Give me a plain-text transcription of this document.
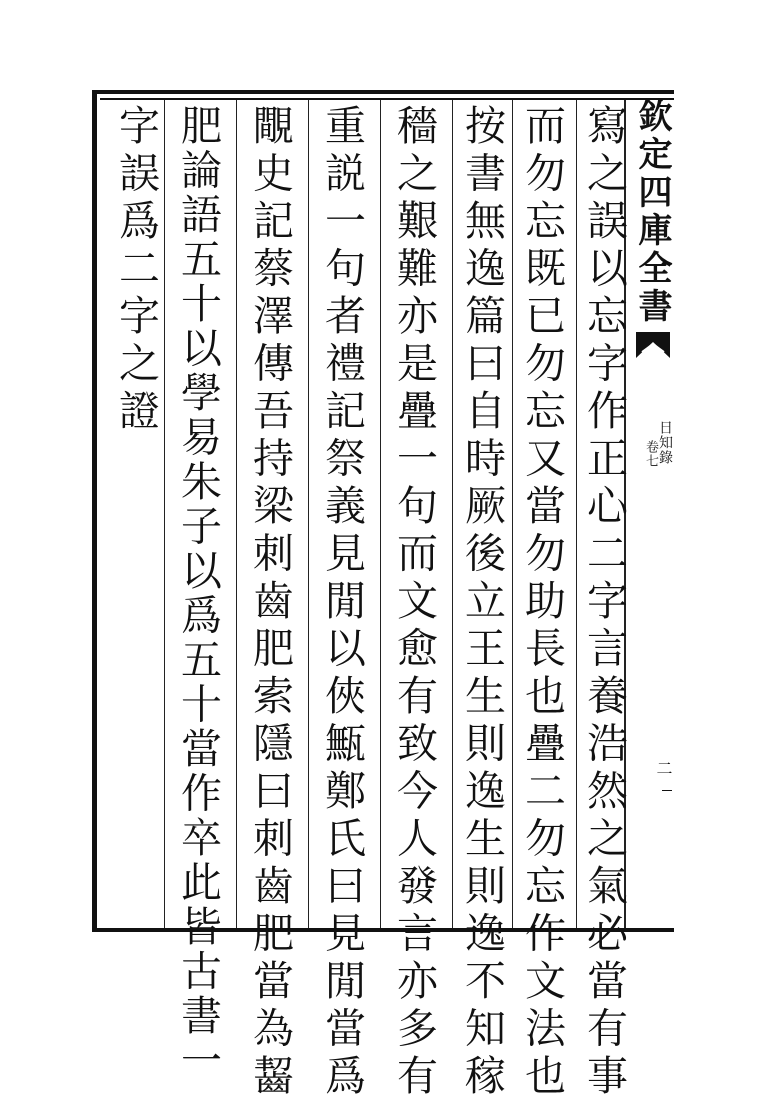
寫之誤以忘字作正心二字言養浩然之氣必當有事
而勿忘既已勿忘又當勿助長也疊二勿忘作文法也
按書無逸篇曰自時厥後立王生則逸生則逸不知稼
穡之艱難亦是疊一句而文愈有致今人發言亦多有
重説一句者禮記祭義見閒以俠甒鄭氏曰見閒當爲
覸史記蔡澤傳吾持梁刺齒肥索隱曰刺齒肥當為齧
肥論語五十以學易朱子以爲五十當作卒此皆古書一
字誤爲二字之證	欽定四庫全書
日知錄
卷七
二
